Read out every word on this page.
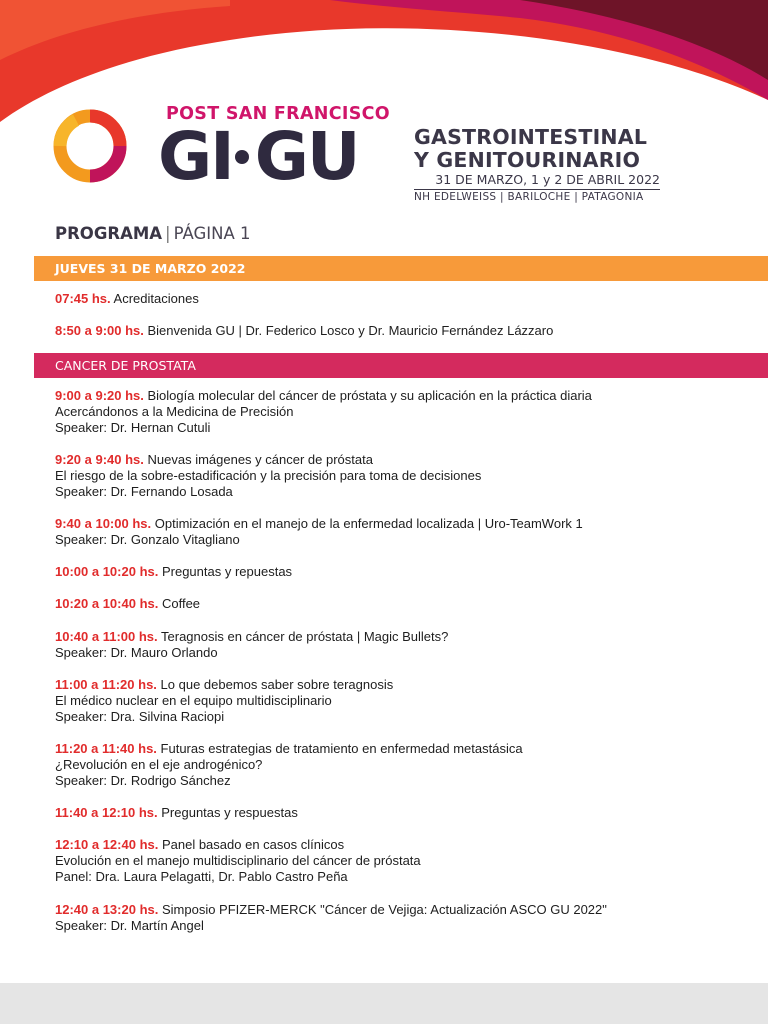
POST SAN FRANCISCO
GI GU	GASTROINTESTINAL
Y GENITOURINARIO
31 DE MARZO, 1 y 2 DE ABRIL 2022
NH EDELWEISS | BARILOCHE | PATAGONIA
PROGRAMA | PÁGINA 1
JUEVES 31 DE MARZO 2022
CANCER DE PROSTATA
07:45 hs. Acreditaciones
8:50 a 9:00 hs. Bienvenida GU | Dr. Federico Losco y Dr. Mauricio Fernández Lázzaro
9:00 a 9:20 hs. Biología molecular del cáncer de próstata y su aplicación en la práctica diaria
Acercándonos a la Medicina de Precisión
Speaker: Dr. Hernan Cutuli
9:20 a 9:40 hs. Nuevas imágenes y cáncer de próstata
El riesgo de la sobre-estadificación y la precisión para toma de decisiones
Speaker: Dr. Fernando Losada
9:40 a 10:00 hs. Optimización en el manejo de la enfermedad localizada | Uro-TeamWork 1
Speaker: Dr. Gonzalo Vitagliano
10:00 a 10:20 hs. Preguntas y repuestas
10:20 a 10:40 hs. Coffee
10:40 a 11:00 hs. Teragnosis en cáncer de próstata | Magic Bullets?
Speaker: Dr. Mauro Orlando
11:00 a 11:20 hs. Lo que debemos saber sobre teragnosis
El médico nuclear en el equipo multidisciplinario
Speaker: Dra. Silvina Raciopi
11:20 a 11:40 hs. Futuras estrategias de tratamiento en enfermedad metastásica
¿Revolución en el eje androgénico?
Speaker: Dr. Rodrigo Sánchez
11:40 a 12:10 hs. Preguntas y respuestas
12:10 a 12:40 hs. Panel basado en casos clínicos
Evolución en el manejo multidisciplinario del cáncer de próstata
Panel: Dra. Laura Pelagatti, Dr. Pablo Castro Peña
12:40 a 13:20 hs. Simposio PFIZER-MERCK "Cáncer de Vejiga: Actualización ASCO GU 2022"
Speaker: Dr. Martín Angel
